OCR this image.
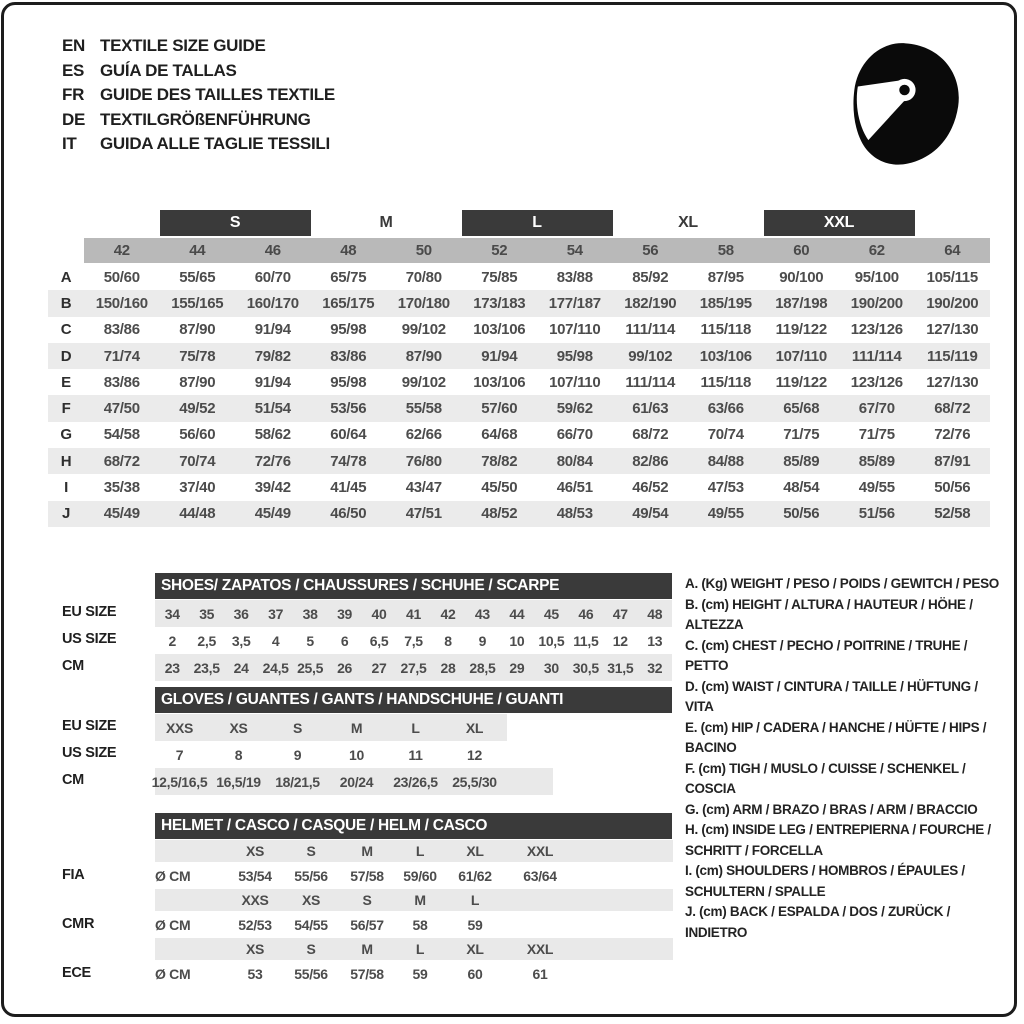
EN TEXTILE SIZE GUIDE
ES GUÍA DE TALLAS
FR GUIDE DES TAILLES TEXTILE
DE TEXTILGRÖßENFÜHRUNG
IT	GUIDA ALLE TAGLIE TESSILI
S	M	L	XL	XXL
42	44	46	48	50	52	54	56	58	60	62	64
A	50/60	55/65	60/70	65/75	70/80	75/85	83/88	85/92	87/95	90/100	95/100	105/115
B	150/160	155/165	160/170	165/175	170/180	173/183	177/187	182/190	185/195	187/198	190/200	190/200
C	83/86	87/90	91/94	95/98	99/102	103/106	107/110	111/114	115/118	119/122	123/126	127/130
D	71/74	75/78	79/82	83/86	87/90	91/94	95/98	99/102	103/106	107/110	111/114	115/119
E	83/86	87/90	91/94	95/98	99/102	103/106	107/110	111/114	115/118	119/122	123/126	127/130
F	47/50	49/52	51/54	53/56	55/58	57/60	59/62	61/63	63/66	65/68	67/70	68/72
G	54/58	56/60	58/62	60/64	62/66	64/68	66/70	68/72	70/74	71/75	71/75	72/76
H	68/72	70/74	72/76	74/78	76/80	78/82	80/84	82/86	84/88	85/89	85/89	87/91
I	35/38	37/40	39/42	41/45	43/47	45/50	46/51	46/52	47/53	48/54	49/55	50/56
J	45/49	44/48	45/49	46/50	47/51	48/52	48/53	49/54	49/55	50/56	51/56	52/58
SHOES/ ZAPATOS / CHAUSSURES / SCHUHE / SCARPE
EU SIZE	34	35	36	37	38	39	40	41	42	43	44	45	46	47	48
US SIZE	2	2,5	3,5	4	5	6	6,5	7,5	8	9	10 10,5 11,5	12	13
CM	23 23,5 24 24,5 25,5 26	27 27,5 28 28,5 29	30 30,5 31,5 32
GLOVES / GUANTES / GANTS / HANDSCHUHE / GUANTI
EU SIZE	XXS	XS	S	M	L	XL
US SIZE	7	8	9	10	11	12
CM	12,5/16,5 16,5/19	18/21,5	20/24	23/26,5	25,5/30
HELMET / CASCO / CASQUE / HELM / CASCO
XS	S	M	L	XL	XXL
FIA	Ø CM	53/54	55/56	57/58	59/60	61/62	63/64
XXS	XS	S	M	L
CMR	Ø CM	52/53	54/55	56/57	58	59
XS	S	M	L	XL	XXL
ECE	Ø CM	53	55/56	57/58	59	60	61
A. (Kg) WEIGHT / PESO / POIDS / GEWITCH / PESO
B. (cm) HEIGHT / ALTURA / HAUTEUR / HÖHE / ALTEZZA
C. (cm) CHEST / PECHO / POITRINE / TRUHE / PETTO
D. (cm) WAIST / CINTURA / TAILLE / HÜFTUNG / VITA
E. (cm) HIP / CADERA / HANCHE / HÜFTE / HIPS / BACINO
F. (cm) TIGH / MUSLO / CUISSE / SCHENKEL / COSCIA
G. (cm) ARM / BRAZO / BRAS / ARM / BRACCIO
H. (cm) INSIDE LEG / ENTREPIERNA / FOURCHE / SCHRITT / FORCELLA
I. (cm) SHOULDERS / HOMBROS / ÉPAULES / SCHULTERN / SPALLE
J. (cm) BACK / ESPALDA / DOS / ZURÜCK / INDIETRO
